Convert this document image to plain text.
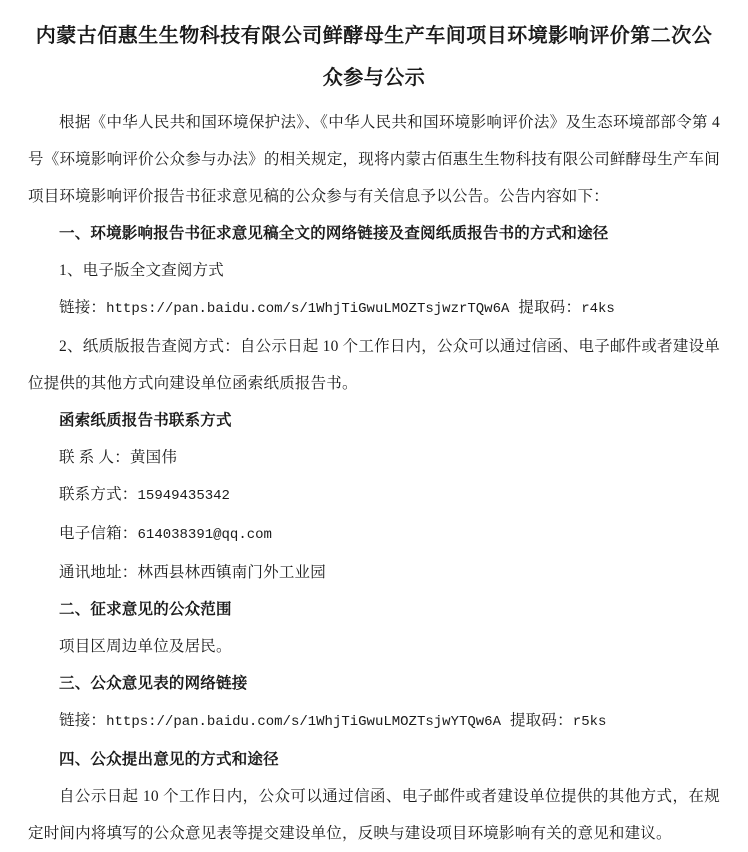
内蒙古佰惠生生物科技有限公司鲜酵母生产车间项目环境影响评价第二次公众参与公示

根据《中华人民共和国环境保护法》、《中华人民共和国环境影响评价法》及生态环境部部令第 4 号《环境影响评价公众参与办法》的相关规定，现将内蒙古佰惠生生物科技有限公司鲜酵母生产车间项目环境影响评价报告书征求意见稿的公众参与有关信息予以公告。公告内容如下：

一、环境影响报告书征求意见稿全文的网络链接及查阅纸质报告书的方式和途径

1、电子版全文查阅方式

链接：https://pan.baidu.com/s/1WhjTiGwuLMOZTsjwzrTQw6A 提取码：r4ks

2、纸质版报告查阅方式：自公示日起 10 个工作日内，公众可以通过信函、电子邮件或者建设单位提供的其他方式向建设单位函索纸质报告书。

函索纸质报告书联系方式

联 系 人：黄国伟

联系方式：15949435342

电子信箱：614038391@qq.com

通讯地址：林西县林西镇南门外工业园

二、征求意见的公众范围

项目区周边单位及居民。

三、公众意见表的网络链接

链接：https://pan.baidu.com/s/1WhjTiGwuLMOZTsjwYTQw6A 提取码：r5ks

四、公众提出意见的方式和途径

自公示日起 10 个工作日内，公众可以通过信函、电子邮件或者建设单位提供的其他方式，在规定时间内将填写的公众意见表等提交建设单位，反映与建设项目环境影响有关的意见和建议。
